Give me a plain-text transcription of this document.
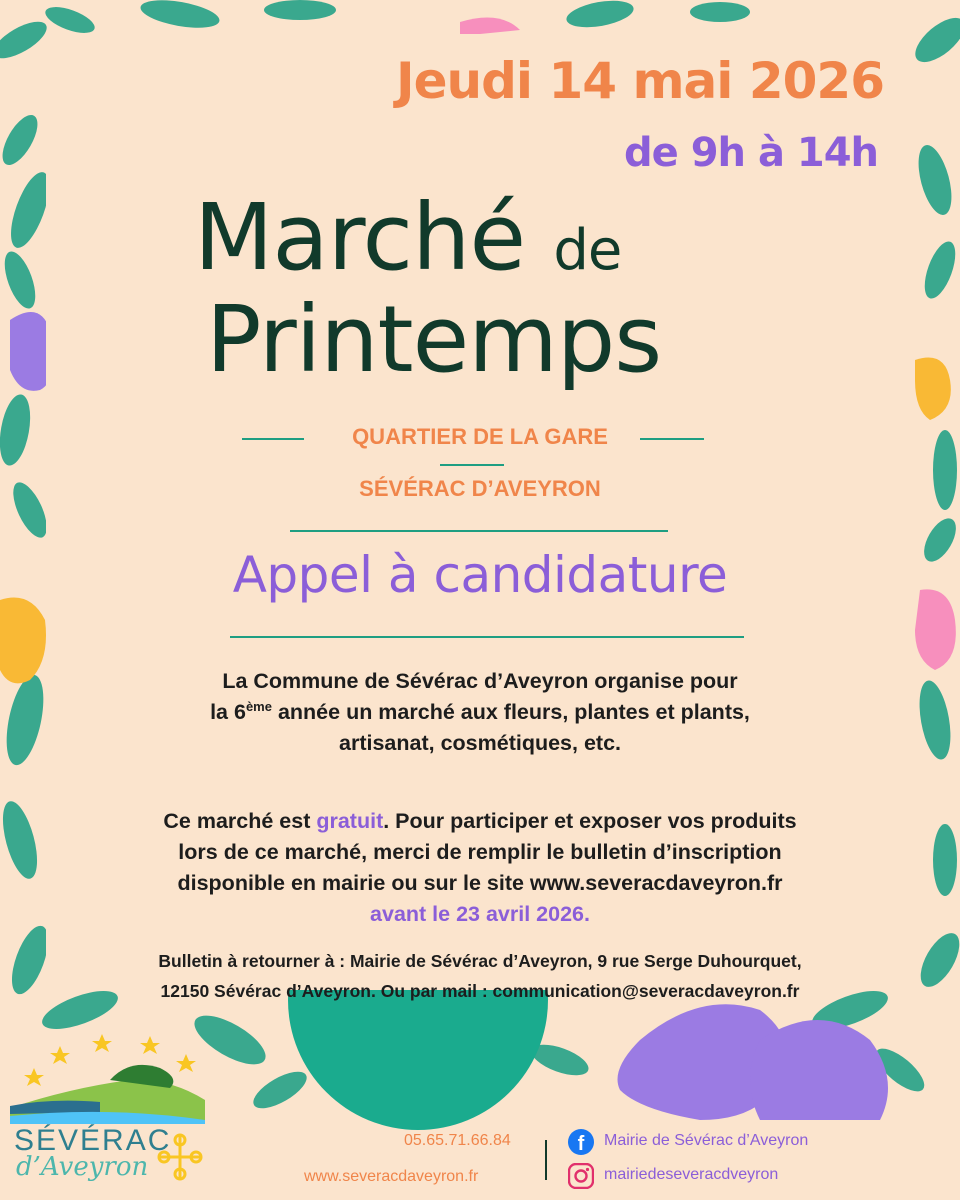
Jeudi 14 mai 2026

de 9h à 14h

Marché de

Printemps

QUARTIER DE LA GARE

SÉVÉRAC D’AVEYRON

Appel à candidature

La Commune de Sévérac d’Aveyron organise pour
la 6ème année un marché aux fleurs, plantes et plants,
artisanat, cosmétiques, etc.
Ce marché est gratuit. Pour participer et exposer vos produits
lors de ce marché, merci de remplir le bulletin d’inscription
disponible en mairie ou sur le site www.severacdaveyron.fr
avant le 23 avril 2026.
Bulletin à retourner à : Mairie de Sévérac d’Aveyron, 9 rue Serge Duhourquet,
12150 Sévérac d’Aveyron. Ou par mail : communication@severacdaveyron.fr

SÉVÉRAC

d’Aveyron

05.65.71.66.84

www.severacdaveyron.fr

f	Mairie de Sévérac d’Aveyron

mairiedeseveracdveyron
